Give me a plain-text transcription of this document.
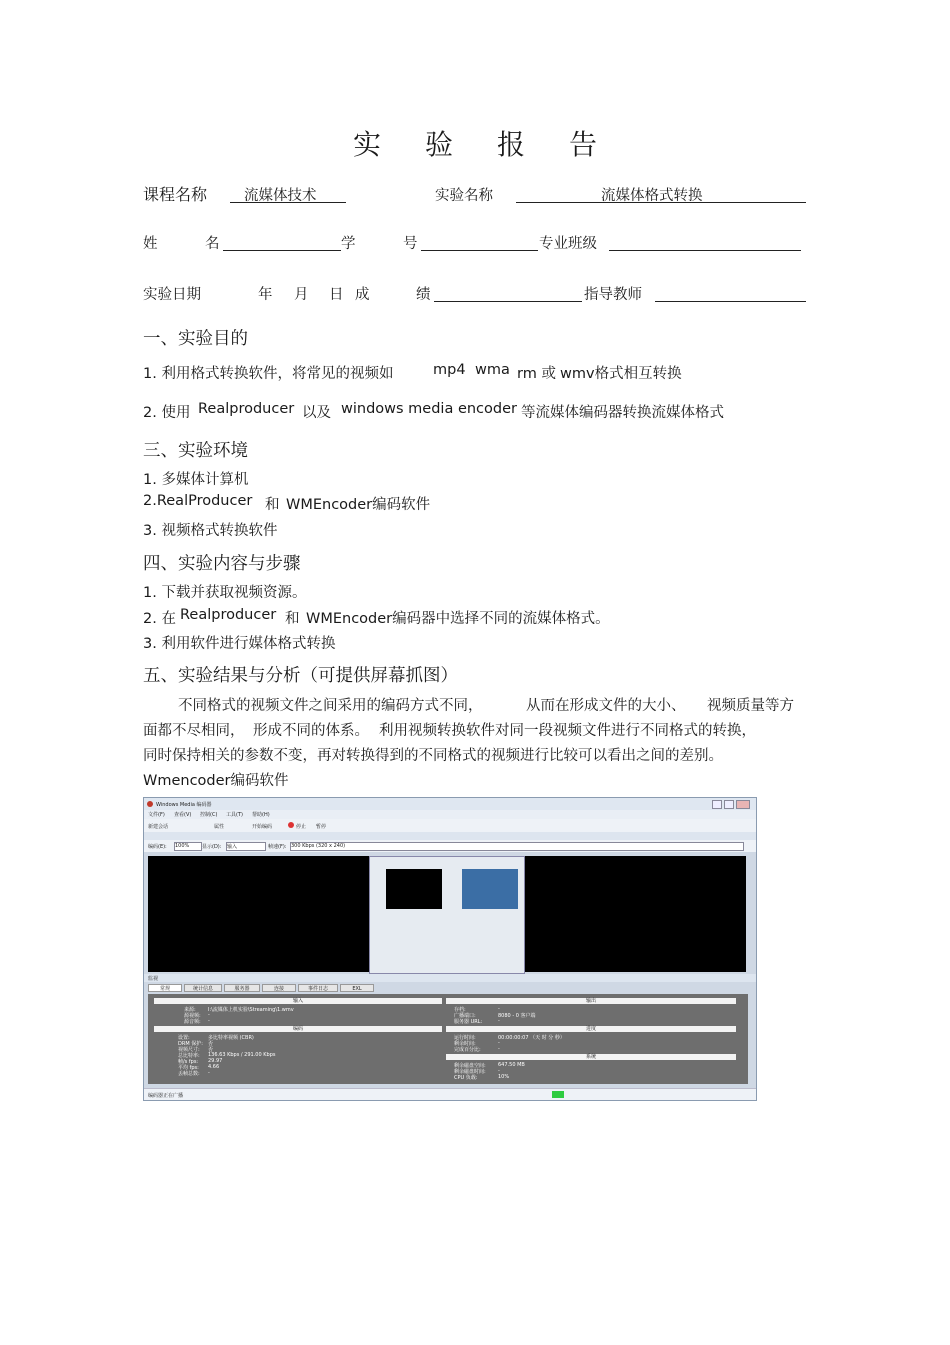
实 验 报 告
课程名称	流媒体技术	实验名称	流媒体格式转换
姓	名	学	号	专业班级
实验日期	年 月 日 成	绩	指导教师
一、实验目的
1. 利用格式转换软件，将常见的视频如	mp4 wma rm 或 wmv格式相互转换
2. 使用 Realproducer 以及 windows media encoder 等流媒体编码器转换流媒体格式
三、实验环境
1. 多媒体计算机
2.RealProducer 和 WMEncoder编码软件
3. 视频格式转换软件
四、实验内容与步骤
1. 下载并获取视频资源。
2. 在 Realproducer 和 WMEncoder编码器中选择不同的流媒体格式。
3. 利用软件进行媒体格式转换
五、实验结果与分析（可提供屏幕抓图）
不同格式的视频文件之间采用的编码方式不同，	从而在形成文件的大小、 视频质量等方
面都不尽相同， 形成不同的体系。 利用视频转换软件对同一段视频文件进行不同格式的转换，
同时保持相关的参数不变，再对转换得到的不同格式的视频进行比较可以看出之间的差别。
Wmencoder编码软件
Windows Media 编码器
文件(F) 查看(V) 控制(C) 工具(T) 帮助(H)
新建会话	属性	开始编码	停止 暂停
编码(E): 100%	显示(D): 输入	帧速(F): 300 Kbps (320 x 240)
监视
常规	统计信息	服务器	连接	事件日志	EXL
输入
来源: I:\流媒体上机实验\Streaming\1.wmv
源视频: -
源音频: -
编码
设置:	多比特率视频 (CBR)
DRM 保护: 否
视频尺寸: 否
总比特率: 136.63 Kbps / 291.00 Kbps
帧/s fps: 29.97
平均 fps: 4.66
丢帧总数: -
输出
存档:	-
广播端口:	8080 - 0 客户端
服务器 URL:	-
进度
运行时间:	00:00:00:07 （天 时 分 秒）
剩余时间:	-
完成百分比:	-
系统
剩余磁盘空间: 647.50 MB
剩余磁盘时间: -
CPU 负载:	10%
编码器正在广播
